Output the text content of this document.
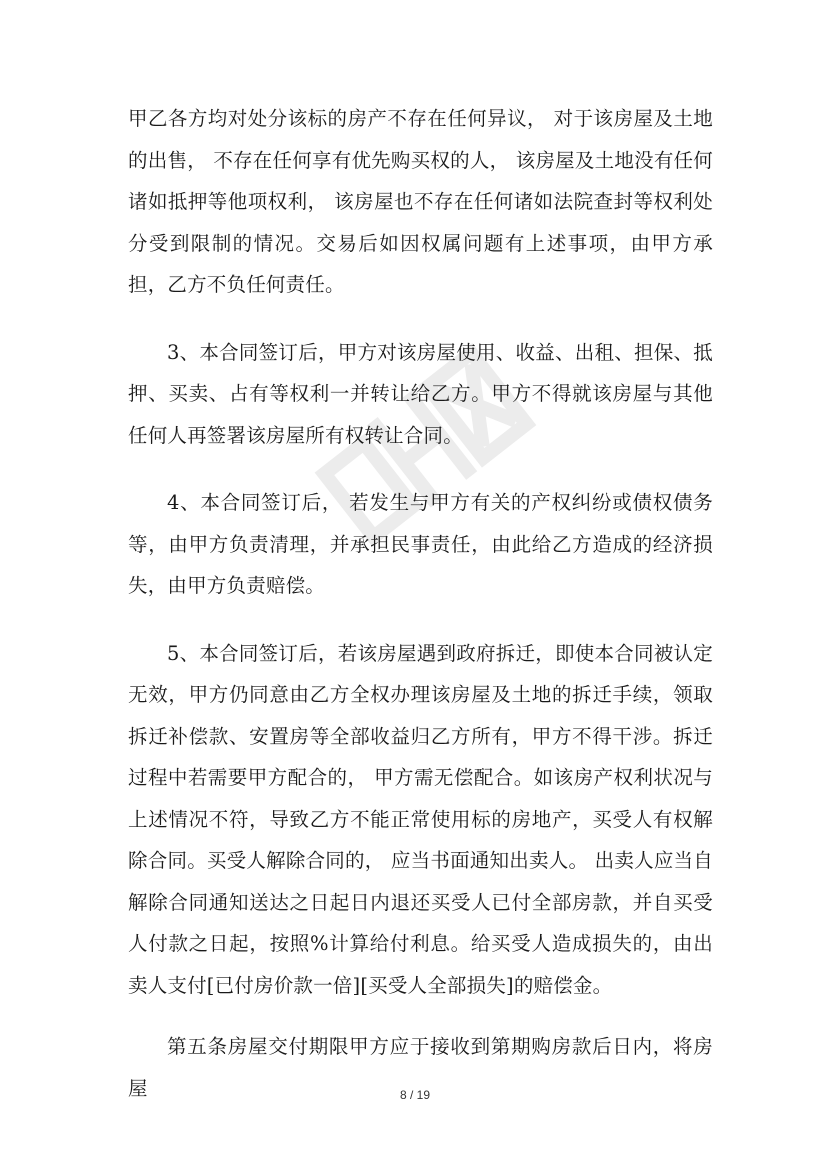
甲乙各方均对处分该标的房产不存在任何异议， 对于该房屋及土地的出售， 不存在任何享有优先购买权的人， 该房屋及土地没有任何诸如抵押等他项权利， 该房屋也不存在任何诸如法院查封等权利处分受到限制的情况。交易后如因权属问题有上述事项，由甲方承担，乙方不负任何责任。

3、本合同签订后，甲方对该房屋使用、收益、出租、担保、抵押、买卖、占有等权利一并转让给乙方。甲方不得就该房屋与其他任何人再签署该房屋所有权转让合同。

4、本合同签订后， 若发生与甲方有关的产权纠纷或债权债务等，由甲方负责清理，并承担民事责任，由此给乙方造成的经济损失，由甲方负责赔偿。

5、本合同签订后，若该房屋遇到政府拆迁，即使本合同被认定无效，甲方仍同意由乙方全权办理该房屋及土地的拆迁手续，领取拆迁补偿款、安置房等全部收益归乙方所有，甲方不得干涉。拆迁过程中若需要甲方配合的， 甲方需无偿配合。如该房产权利状况与上述情况不符，导致乙方不能正常使用标的房地产，买受人有权解除合同。买受人解除合同的， 应当书面通知出卖人。 出卖人应当自解除合同通知送达之日起日内退还买受人已付全部房款，并自买受人付款之日起，按照%计算给付利息。给买受人造成损失的，由出卖人支付[已付房价款一倍][买受人全部损失]的赔偿金。

第五条房屋交付期限甲方应于接收到第期购房款后日内，将房屋	8 / 19
